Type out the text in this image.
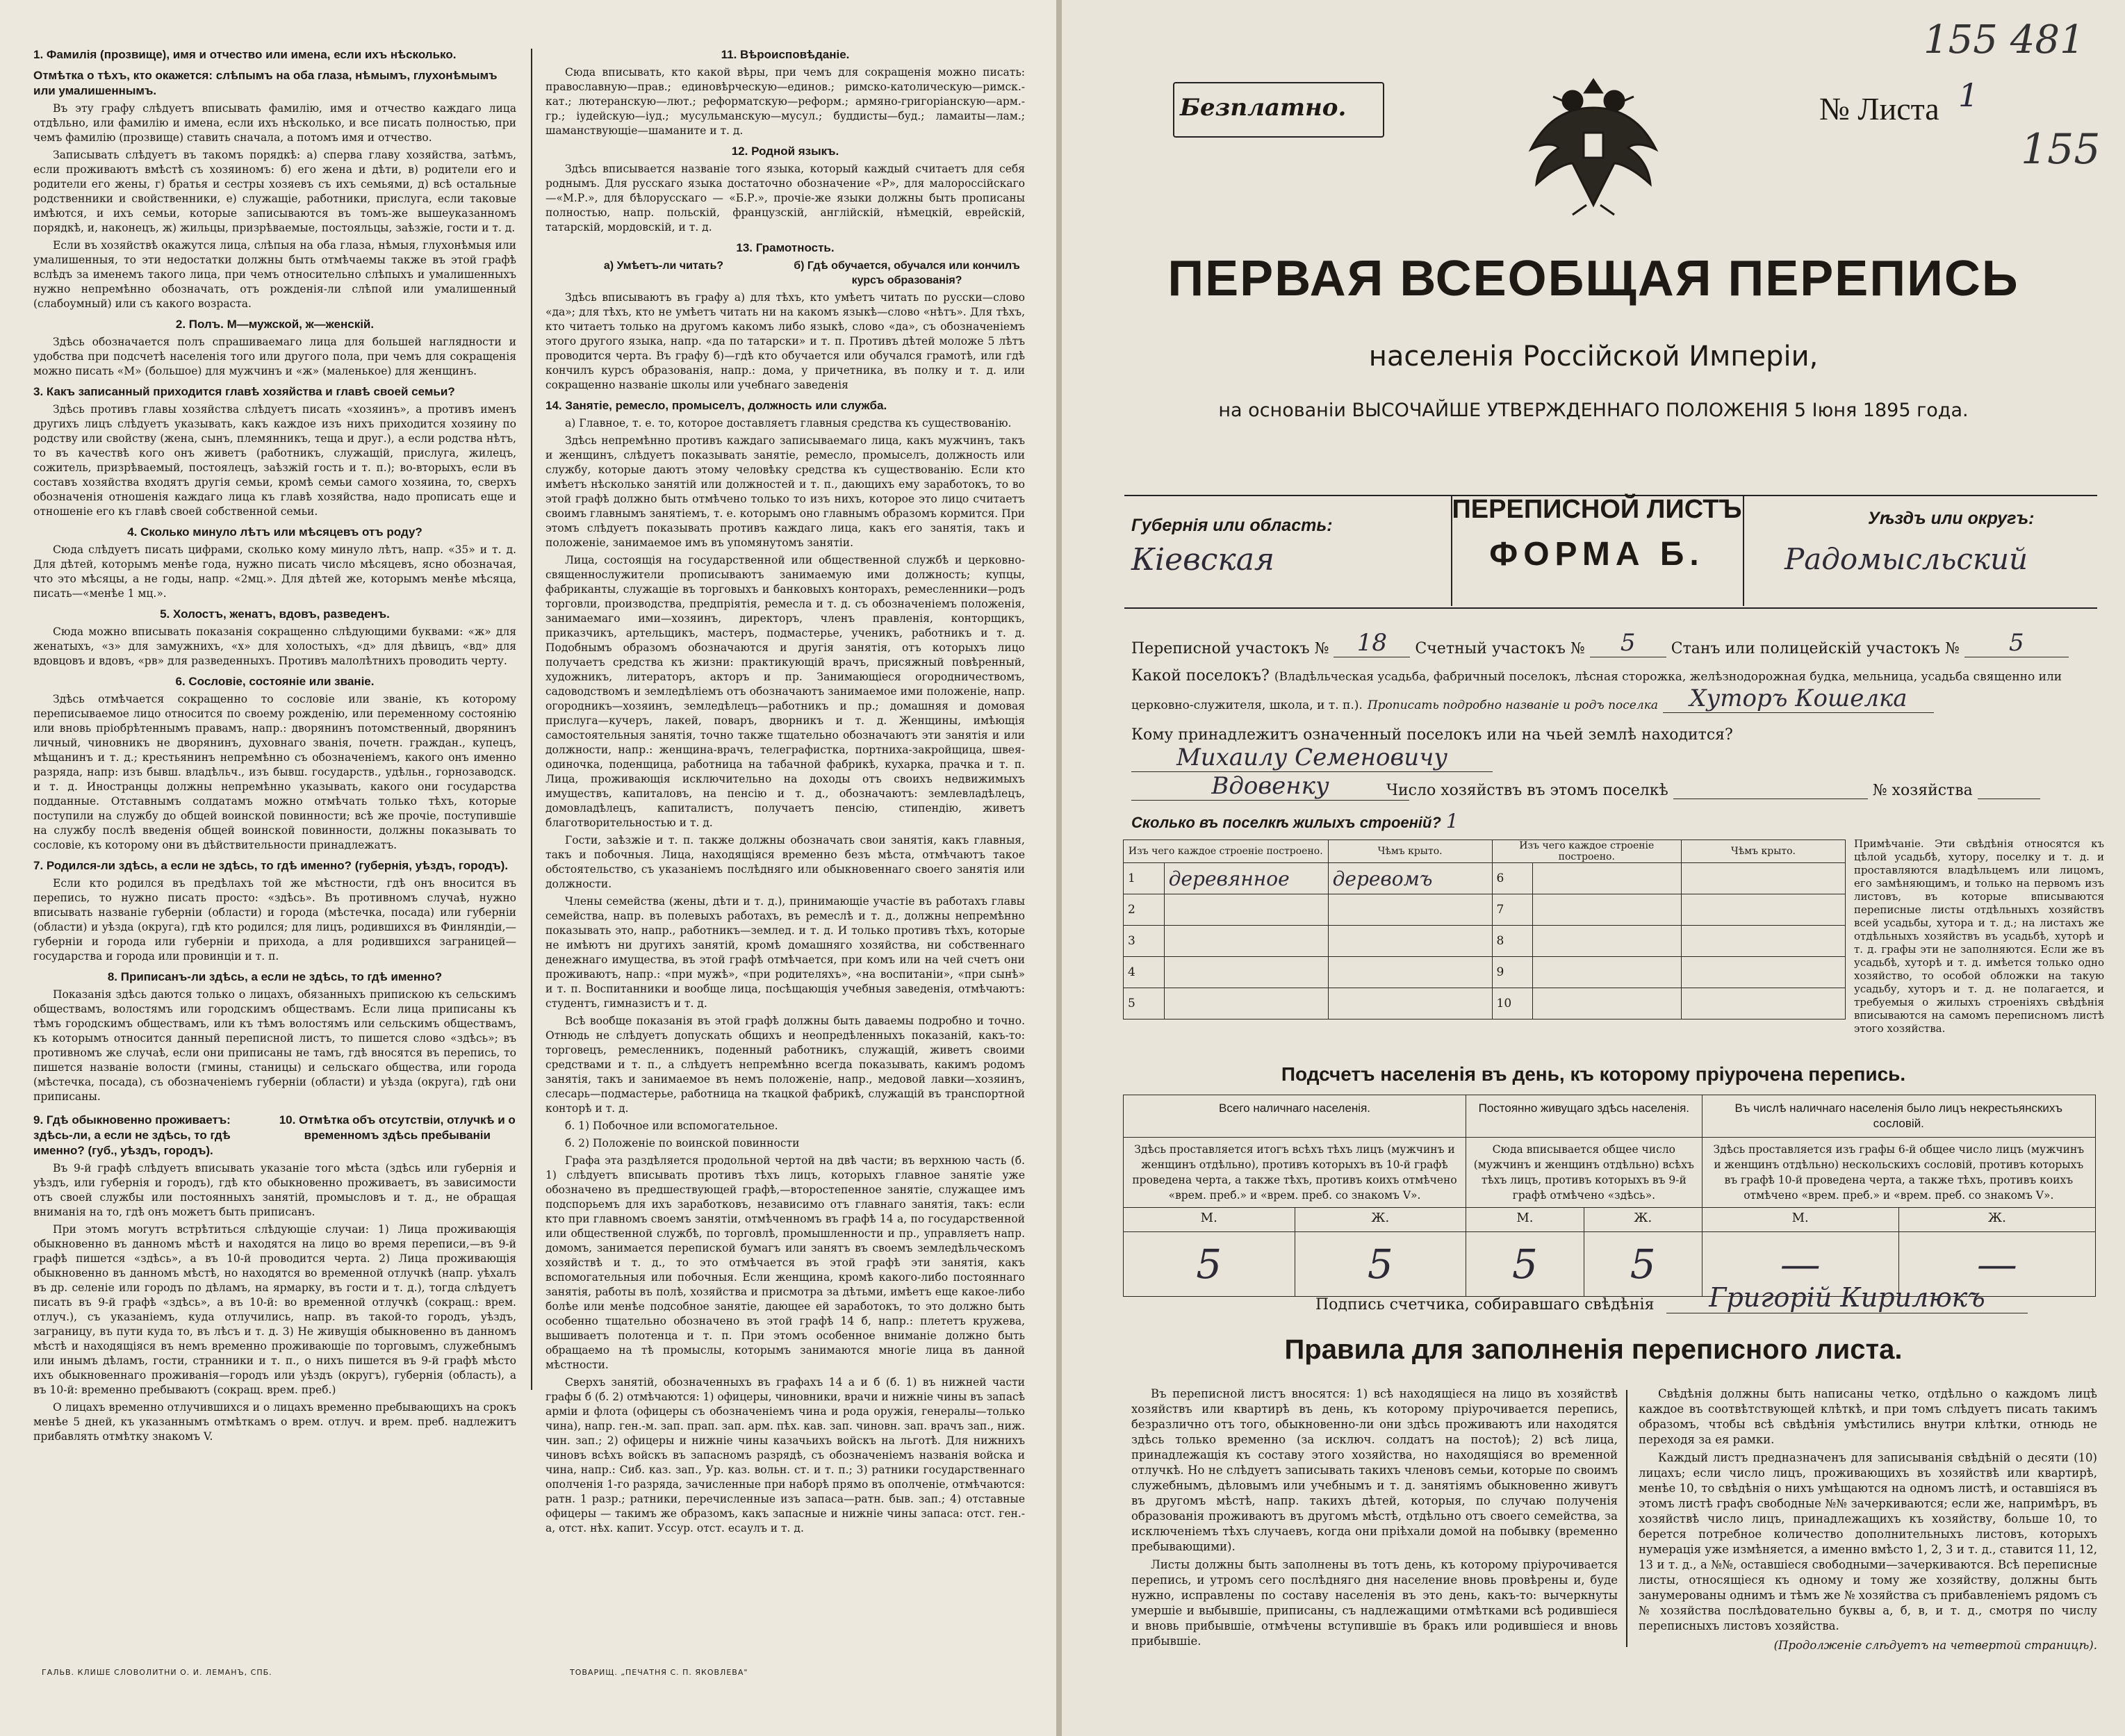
1. Фамилія (прозвище), имя и отчество или имена, если ихъ нѣсколько.
Отмѣтка о тѣхъ, кто окажется: слѣпымъ на оба глаза, нѣмымъ, глухонѣмымъ или умалишеннымъ.

Въ эту графу слѣдуетъ вписывать фамилію, имя и отчество каждаго лица отдѣльно, или фамилію и имена, если ихъ нѣсколько, и все писать полностью, при чемъ фамилію (прозвище) ставить сначала, а потомъ имя и отчество.

Записывать слѣдуетъ въ такомъ порядкѣ: а) сперва главу хозяйства, затѣмъ, если проживаютъ вмѣстѣ съ хозяиномъ: б) его жена и дѣти, в) родители его и родители его жены, г) братья и сестры хозяевъ съ ихъ семьями, д) всѣ остальные родственники и свойственники, е) служащіе, работники, прислуга, если таковые имѣются, и ихъ семьи, которые записываются въ томъ-же вышеуказанномъ порядкѣ, и, наконецъ, ж) жильцы, призрѣваемые, постояльцы, заѣзжіе, гости и т. д.

Если въ хозяйствѣ окажутся лица, слѣпыя на оба глаза, нѣмыя, глухонѣмыя или умалишенныя, то эти недостатки должны быть отмѣчаемы также въ этой графѣ вслѣдъ за именемъ такого лица, при чемъ относительно слѣпыхъ и умалишенныхъ нужно непремѣнно обозначать, отъ рожденія-ли слѣпой или умалишенный (слабоумный) или съ какого возраста.

2. Полъ. М—мужской, ж—женскій.

Здѣсь обозначается полъ спрашиваемаго лица для большей наглядности и удобства при подсчетѣ населенія того или другого пола, при чемъ для сокращенія можно писать «М» (большое) для мужчинъ и «ж» (маленькое) для женщинъ.

3. Какъ записанный приходится главѣ хозяйства и главѣ своей семьи?

Здѣсь противъ главы хозяйства слѣдуетъ писать «хозяинъ», а противъ именъ другихъ лицъ слѣдуетъ указывать, какъ каждое изъ нихъ приходится хозяину по родству или свойству (жена, сынъ, племянникъ, теща и друг.), а если родства нѣтъ, то въ качествѣ кого онъ живетъ (работникъ, служащій, прислуга, жилецъ, сожитель, призрѣваемый, постоялецъ, заѣзжій гость и т. п.); во-вторыхъ, если въ составъ хозяйства входятъ другія семьи, кромѣ семьи самого хозяина, то, сверхъ обозначенія отношенія каждаго лица къ главѣ хозяйства, надо прописать еще и отношеніе его къ главѣ своей собственной семьи.

4. Сколько минуло лѣтъ или мѣсяцевъ отъ роду?

Сюда слѣдуетъ писать цифрами, сколько кому минуло лѣтъ, напр. «35» и т. д. Для дѣтей, которымъ менѣе года, нужно писать число мѣсяцевъ, ясно обозначая, что это мѣсяцы, а не годы, напр. «2мц.». Для дѣтей же, которымъ менѣе мѣсяца, писать—«менѣе 1 мц.».

5. Холостъ, женатъ, вдовъ, разведенъ.

Сюда можно вписывать показанія сокращенно слѣдующими буквами: «ж» для женатыхъ, «з» для замужнихъ, «х» для холостыхъ, «д» для дѣвицъ, «вд» для вдовцовъ и вдовъ, «рв» для разведенныхъ. Противъ малолѣтнихъ проводить черту.

6. Сословіе, состояніе или званіе.

Здѣсь отмѣчается сокращенно то сословіе или званіе, къ которому переписываемое лицо относится по своему рожденію, или переменному состоянію или вновь пріобрѣтеннымъ правамъ, напр.: дворянинъ потомственный, дворянинъ личный, чиновникъ не дворянинъ, духовнаго званія, почетн. граждан., купецъ, мѣщанинъ и т. д.; крестьянинъ непремѣнно съ обозначеніемъ, какого онъ именно разряда, напр: изъ бывш. владѣльч., изъ бывш. государств., удѣльн., горнозаводск. и т. д. Иностранцы должны непремѣнно указывать, какого они государства подданные. Отставнымъ солдатамъ можно отмѣчать только тѣхъ, которые поступили на службу до общей воинской повинности; всѣ же прочіе, поступившіе на службу послѣ введенія общей воинской повинности, должны показывать то сословіе, къ которому они въ дѣйствительности принадлежатъ.

7. Родился-ли здѣсь, а если не здѣсь, то гдѣ именно? (губернія, уѣздъ, городъ).

Если кто родился въ предѣлахъ той же мѣстности, гдѣ онъ вносится въ перепись, то нужно писать просто: «здѣсь». Въ противномъ случаѣ, нужно вписывать названіе губерніи (области) и города (мѣстечка, посада) или губерніи (области) и уѣзда (округа), гдѣ кто родился; для лицъ, родившихся въ Финляндіи,—губерніи и города или губерніи и прихода, а для родившихся заграницей—государства и города или провинціи и т. п.

8. Приписанъ-ли здѣсь, а если не здѣсь, то гдѣ именно?

Показанія здѣсь даются только о лицахъ, обязанныхъ припискою къ сельскимъ обществамъ, волостямъ или городскимъ обществамъ. Если лица приписаны къ тѣмъ городскимъ обществамъ, или къ тѣмъ волостямъ или сельскимъ обществамъ, къ которымъ относится данный переписной листъ, то пишется слово «здѣсь»; въ противномъ же случаѣ, если они приписаны не тамъ, гдѣ вносятся въ перепись, то пишется названіе волости (гмины, станицы) и сельскаго общества, или города (мѣстечка, посада), съ обозначеніемъ губерніи (области) и уѣзда (округа), гдѣ они приписаны.

9. Гдѣ обыкновенно проживаетъ: здѣсь-ли, а если не здѣсь, то гдѣ именно? (губ., уѣздъ, городъ).
10. Отмѣтка объ отсутствіи, отлучкѣ и о временномъ здѣсь пребываніи

Въ 9-й графѣ слѣдуетъ вписывать указаніе того мѣста (здѣсь или губернія и уѣздъ, или губернія и городъ), гдѣ кто обыкновенно проживаетъ, въ зависимости отъ своей службы или постоянныхъ занятій, промысловъ и т. д., не обращая вниманія на то, гдѣ онъ можетъ быть приписанъ.

При этомъ могутъ встрѣтиться слѣдующіе случаи: 1) Лица проживающія обыкновенно въ данномъ мѣстѣ и находятся на лицо во время переписи,—въ 9-й графѣ пишется «здѣсь», а въ 10-й проводится черта. 2) Лица проживающія обыкновенно въ данномъ мѣстѣ, но находятся во временной отлучкѣ (напр. уѣхалъ въ др. селеніе или городъ по дѣламъ, на ярмарку, въ гости и т. д.), тогда слѣдуетъ писать въ 9-й графѣ «здѣсь», а въ 10-й: во временной отлучкѣ (сокращ.: врем. отлуч.), съ указаніемъ, куда отлучились, напр. въ такой-то городъ, уѣздъ, заграницу, въ пути куда то, въ лѣсъ и т. д. 3) Не живущія обыкновенно въ данномъ мѣстѣ и находящіяся въ немъ временно проживающіе по торговымъ, служебнымъ или инымъ дѣламъ, гости, странники и т. п., о нихъ пишется въ 9-й графѣ мѣсто ихъ обыкновеннаго проживанія—городъ или уѣздъ (округъ), губернія (область), а въ 10-й: временно пребываютъ (сокращ. врем. преб.)

О лицахъ временно отлучившихся и о лицахъ временно пребывающихъ на срокъ менѣе 5 дней, къ указаннымъ отмѣткамъ о врем. отлуч. и врем. преб. надлежитъ прибавлять отмѣтку знакомъ V.

11. Вѣроисповѣданіе.

Сюда вписывать, кто какой вѣры, при чемъ для сокращенія можно писать: православную—прав.; единовѣрческую—единов.; римско-католическую—римск.-кат.; лютеранскую—лют.; реформатскую—реформ.; армяно-григоріанскую—арм.-гр.; іудейскую—іуд.; мусульманскую—мусул.; буддисты—буд.; ламаиты—лам.; шаманствующіе—шаманите и т. д.

12. Родной языкъ.

Здѣсь вписывается названіе того языка, который каждый считаетъ для себя роднымъ. Для русскаго языка достаточно обозначение «Р», для малороссійскаго—«М.Р.», для бѣлорусскаго — «Б.Р.», прочіе-же языки должны быть прописаны полностью, напр. польскій, французскій, англійскій, нѣмецкій, еврейскій, татарскій, мордовскій, и т. д.

13. Грамотность.
а) Умѣетъ-ли читать?	б) Гдѣ обучается, обучался или кончилъ курсъ образованія?

Здѣсь вписываютъ въ графу а) для тѣхъ, кто умѣетъ читать по русски—слово «да»; для тѣхъ, кто не умѣетъ читать ни на какомъ языкѣ—слово «нѣтъ». Для тѣхъ, кто читаетъ только на другомъ какомъ либо языкѣ, слово «да», съ обозначеніемъ этого другого языка, напр. «да по татарски» и т. п. Противъ дѣтей моложе 5 лѣтъ проводится черта. Въ графу б)—гдѣ кто обучается или обучался грамотѣ, или гдѣ кончилъ курсъ образованія, напр.: дома, у причетника, въ полку и т. д. или сокращенно названіе школы или учебнаго заведенія

14. Занятіе, ремесло, промыселъ, должность или служба.

а) Главное, т. е. то, которое доставляетъ главныя средства къ существованію.

Здѣсь непремѣнно противъ каждаго записываемаго лица, какъ мужчинъ, такъ и женщинъ, слѣдуетъ показывать занятіе, ремесло, промыселъ, должность или службу, которые даютъ этому человѣку средства къ существованію. Если кто имѣетъ нѣсколько занятій или должностей и т. п., дающихъ ему заработокъ, то во этой графѣ должно быть отмѣчено только то изъ нихъ, которое это лицо считаетъ своимъ главнымъ занятіемъ, т. е. которымъ оно главнымъ образомъ кормится. При этомъ слѣдуетъ показывать противъ каждаго лица, какъ его занятія, такъ и положеніе, занимаемое имъ въ упомянутомъ занятіи.

Лица, состоящія на государственной или общественной службѣ и церковно-священнослужители прописываютъ занимаемую ими должность; купцы, фабриканты, служащіе въ торговыхъ и банковыхъ конторахъ, ремесленники—родъ торговли, производства, предпріятія, ремесла и т. д. съ обозначеніемъ положенія, занимаемаго ими—хозяинъ, директоръ, членъ правленія, конторщикъ, приказчикъ, артельщикъ, мастеръ, подмастерье, ученикъ, работникъ и т. д. Подобнымъ образомъ обозначаются и другія занятія, отъ которыхъ лицо получаетъ средства къ жизни: практикующій врачъ, присяжный повѣренный, художникъ, литераторъ, акторъ и пр. Занимающіеся огородничествомъ, садоводствомъ и земледѣліемъ отъ обозначаютъ занимаемое ими положеніе, напр. огородникъ—хозяинъ, земледѣлецъ—работникъ и пр.; домашняя и домовая прислуга—кучеръ, лакей, поваръ, дворникъ и т. д. Женщины, имѣющія самостоятельныя занятія, точно также тщательно обозначаютъ эти занятія и или должности, напр.: женщина-врачъ, телеграфистка, портниха-закройщица, швея-одиночка, поденщица, работница на табачной фабрикѣ, кухарка, прачка и т. п. Лица, проживающія исключительно на доходы отъ своихъ недвижимыхъ имуществъ, капиталовъ, на пенсію и т. д., обозначаютъ: землевладѣлецъ, домовладѣлецъ, капиталистъ, получаетъ пенсію, стипендію, живетъ благотворительностью и т. д.

Гости, заѣзжіе и т. п. также должны обозначать свои занятія, какъ главныя, такъ и побочныя. Лица, находящіяся временно безъ мѣста, отмѣчаютъ такое обстоятельство, съ указаніемъ послѣдняго или обыкновеннаго своего занятія или должности.

Члены семейства (жены, дѣти и т. д.), принимающіе участіе въ работахъ главы семейства, напр. въ полевыхъ работахъ, въ ремеслѣ и т. д., должны непремѣнно показывать это, напр., работникъ—землед. и т. д. И только противъ тѣхъ, которые не имѣютъ ни другихъ занятій, кромѣ домашняго хозяйства, ни собственнаго денежнаго имущества, въ этой графѣ отмѣчается, при комъ или на чей счетъ они проживаютъ, напр.: «при мужѣ», «при родителяхъ», «на воспитаніи», «при сынѣ» и т. п. Воспитанники и вообще лица, посѣщающія учебныя заведенія, отмѣчаютъ: студентъ, гимназистъ и т. д.

Всѣ вообще показанія въ этой графѣ должны быть даваемы подробно и точно. Отнюдь не слѣдуетъ допускать общихъ и неопредѣленныхъ показаній, какъ-то: торговецъ, ремесленникъ, поденный работникъ, служащій, живетъ своими средствами и т. п., а слѣдуетъ непремѣнно всегда показывать, какимъ родомъ занятія, такъ и занимаемое въ немъ положеніе, напр., медовой лавки—хозяинъ, слесарь—подмастерье, работница на ткацкой фабрикѣ, служащій въ транспортной конторѣ и т. д.

б. 1) Побочное или вспомогательное.

б. 2) Положеніе по воинской повинности

Графа эта раздѣляется продольной чертой на двѣ части; въ верхнюю часть (б. 1) слѣдуетъ вписывать противъ тѣхъ лицъ, которыхъ главное занятіе уже обозначено въ предшествующей графѣ,—второстепенное занятіе, служащее имъ подспорьемъ для ихъ заработковъ, независимо отъ главнаго занятія, такъ: если кто при главномъ своемъ занятіи, отмѣченномъ въ графѣ 14 а, по государственной или общественной службѣ, по торговлѣ, промышленности и пр., управляетъ напр. домомъ, занимается перепиской бумагъ или занятъ въ своемъ земледѣльческомъ хозяйствѣ и т. д., то это отмѣчается въ этой графѣ эти занятія, какъ вспомогательныя или побочныя. Если женщина, кромѣ какого-либо постояннаго занятія, работы въ полѣ, хозяйства и присмотра за дѣтьми, имѣетъ еще какое-либо болѣе или менѣе подсобное занятіе, дающее ей заработокъ, то это должно быть особенно тщательно обозначено въ этой графѣ 14 б, напр.: плететъ кружева, вышиваетъ полотенца и т. п. При этомъ особенное вниманіе должно быть обращаемо на тѣ промыслы, которымъ занимаются многіе лица въ данной мѣстности.

Сверхъ занятій, обозначенныхъ въ графахъ 14 а и б (б. 1) въ нижней части графы б (б. 2) отмѣчаются: 1) офицеры, чиновники, врачи и нижніе чины въ запасѣ арміи и флота (офицеры съ обозначеніемъ чина и рода оружія, генералы—только чина), напр. ген.-м. зап. прап. зап. арм. пѣх. кав. зап. чиновн. зап. врачъ зап., ниж. чин. зап.; 2) офицеры и нижніе чины казачьихъ войскъ на льготѣ. Для нижнихъ чиновъ всѣхъ войскъ въ запасномъ разрядѣ, съ обозначеніемъ названія войска и чина, напр.: Сиб. каз. зап., Ур. каз. вольн. ст. и т. п.; 3) ратники государственнаго ополченія 1-го разряда, зачисленные при наборѣ прямо въ ополченіе, отмѣчаются: ратн. 1 разр.; ратники, перечисленные изъ запаса—ратн. быв. зап.; 4) отставные офицеры — такимъ же образомъ, какъ запасные и нижніе чины запаса: отст. ген.-а, отст. нѣх. капит. Уссур. отст. есаулъ и т. д.

ГАЛЬВ. КЛИШЕ СЛОВОЛИТНИ О. И. ЛЕМАНЪ, СПБ.	ТОВАРИЩ. „ПЕЧАТНЯ С. П. ЯКОВЛЕВА"
Безплатно.
155 481
№ Листа 1
155
ПЕРВАЯ ВСЕОБЩАЯ ПЕРЕПИСЬ
населенія Россійской Имперіи,
на основаніи ВЫСОЧАЙШЕ УТВЕРЖДЕННАГО ПОЛОЖЕНІЯ 5 Іюня 1895 года.
Губернія или область:
Кiевская
ПЕРЕПИСНОЙ ЛИСТЪ
ФОРМА Б.
Уѣздъ или округъ:
Радомысльский
Переписной участокъ № 18 Счетный участокъ № 5 Станъ или полицейскій участокъ № 5
Какой поселокъ? (Владѣльческая усадьба, фабричный поселокъ, лѣсная сторожка, желѣзнодорожная будка, мельница, усадьба священно или церковно-служителя, школа, и т. п.). Прописать подробно названіе и родъ поселка Хуторъ Кошелка
Кому принадлежитъ означенный поселокъ или на чьей землѣ находится? Михаилу Семеновичу
Вдовенку	Число хозяйствъ въ этомъ поселкѣ	№ хозяйства
Сколько въ поселкѣ жилыхъ строеній? 1
Изъ чего каждое строеніе построено.		Чѣмъ крыто.	Изъ чего каждое строеніе построено.		Чѣмъ крыто.
1	деревянное	деревомъ	6		
2			7		
3			8		
4			9		
5			10		
Примѣчаніе. Эти свѣдѣнія относятся къ цѣлой усадьбѣ, хутору, поселку и т. д. и проставляются владѣльцемъ или лицомъ, его замѣняющимъ, и только на первомъ изъ листовъ, въ которые вписываются переписные листы отдѣльныхъ хозяйствъ всей усадьбы, хутора и т. д.; на листахъ же отдѣльныхъ хозяйствъ въ усадьбѣ, хуторѣ и т. д. графы эти не заполняются. Если же въ усадьбѣ, хуторѣ и т. д. имѣется только одно хозяйство, то особой обложки на такую усадьбу, хуторъ и т. д. не полагается, и требуемыя о жилыхъ строеніяхъ свѣдѣнія вписываются на самомъ переписномъ листѣ этого хозяйства.
Подсчетъ населенія въ день, къ которому пріурочена перепись.
Всего наличнаго населенія.		Постоянно живущаго здѣсь населенія.		Въ числѣ наличнаго населенія было лицъ некрестьянскихъ сословій.	
Здѣсь проставляется итогъ всѣхъ тѣхъ лицъ (мужчинъ и женщинъ отдѣльно), противъ которыхъ въ 10-й графѣ проведена черта, а также тѣхъ, противъ коихъ отмѣчено «врем. преб.» и «врем. преб. со знакомъ V».		Сюда вписывается общее число (мужчинъ и женщинъ отдѣльно) всѣхъ тѣхъ лицъ, противъ которыхъ въ 9-й графѣ отмѣчено «здѣсь».		Здѣсь проставляется изъ графы 6-й общее число лицъ (мужчинъ и женщинъ отдѣльно) нескольскихъ сословій, противъ которыхъ въ графѣ 10-й проведена черта, а также тѣхъ, противъ коихъ отмѣчено «врем. преб.» и «врем. преб. со знакомъ V».	
М.	Ж.	М.	Ж.	М.	Ж.
5	5	5	5	—	—
Подпись счетчика, собиравшаго свѣдѣнія	Григорій Кирилюкъ
Правила для заполненія переписного листа.

Въ переписной листъ вносятся: 1) всѣ находящіеся на лицо въ хозяйствѣ хозяйствъ или квартирѣ въ день, къ которому пріурочивается перепись, безразлично отъ того, обыкновенно-ли они здѣсь проживаютъ или находятся здѣсь только временно (за исключ. солдатъ на постоѣ); 2) всѣ лица, принадлежащія къ составу этого хозяйства, но находящіяся во временной отлучкѣ. Но не слѣдуетъ записывать такихъ членовъ семьи, которые по своимъ служебнымъ, дѣловымъ или учебнымъ и т. д. занятіямъ обыкновенно живутъ въ другомъ мѣстѣ, напр. такихъ дѣтей, которыя, по случаю полученія образованія проживаютъ въ другомъ мѣстѣ, отдѣльно отъ своего семейства, за исключеніемъ тѣхъ случаевъ, когда они пріѣхали домой на побывку (временно пребывающими).

Листы должны быть заполнены въ тотъ день, къ которому пріурочивается перепись, и утромъ сего послѣдняго дня население вновь провѣрены и, буде нужно, исправлены по составу населенія въ это день, какъ-то: вычеркнуты умершіе и выбывшіе, приписаны, съ надлежащими отмѣтками всѣ родившіеся и вновь прибывшіе, отмѣчены вступившіе въ бракъ или родившіеся и вновь прибывшіе.

Свѣдѣнія должны быть написаны четко, отдѣльно о каждомъ лицѣ каждое въ соотвѣтствующей клѣткѣ, и при томъ слѣдуетъ писать такимъ образомъ, чтобы всѣ свѣдѣнія умѣстились внутри клѣтки, отнюдь не переходя за ея рамки.

Каждый листъ предназначенъ для записыванія свѣдѣній о десяти (10) лицахъ; если число лицъ, проживающихъ въ хозяйствѣ или квартирѣ, менѣе 10, то свѣдѣнія о нихъ умѣщаются на одномъ листѣ, и оставшіяся въ этомъ листѣ графъ свободные №№ зачеркиваются; если же, напримѣръ, въ хозяйствѣ число лицъ, принадлежащихъ къ хозяйству, больше 10, то берется потребное количество дополнительныхъ листовъ, которыхъ нумерація уже измѣняется, а именно вмѣсто 1, 2, 3 и т. д., ставится 11, 12, 13 и т. д., а №№, оставшіеся свободными—зачеркиваются. Всѣ переписные листы, относящіеся къ одному и тому же хозяйству, должны быть занумерованы однимъ и тѣмъ же № хозяйства съ прибавленіемъ рядомъ съ № хозяйства послѣдовательно буквы а, б, в, и т. д., смотря по числу переписныхъ листовъ хозяйства.

(Продолженіе слѣдуетъ на четвертой страницѣ).
